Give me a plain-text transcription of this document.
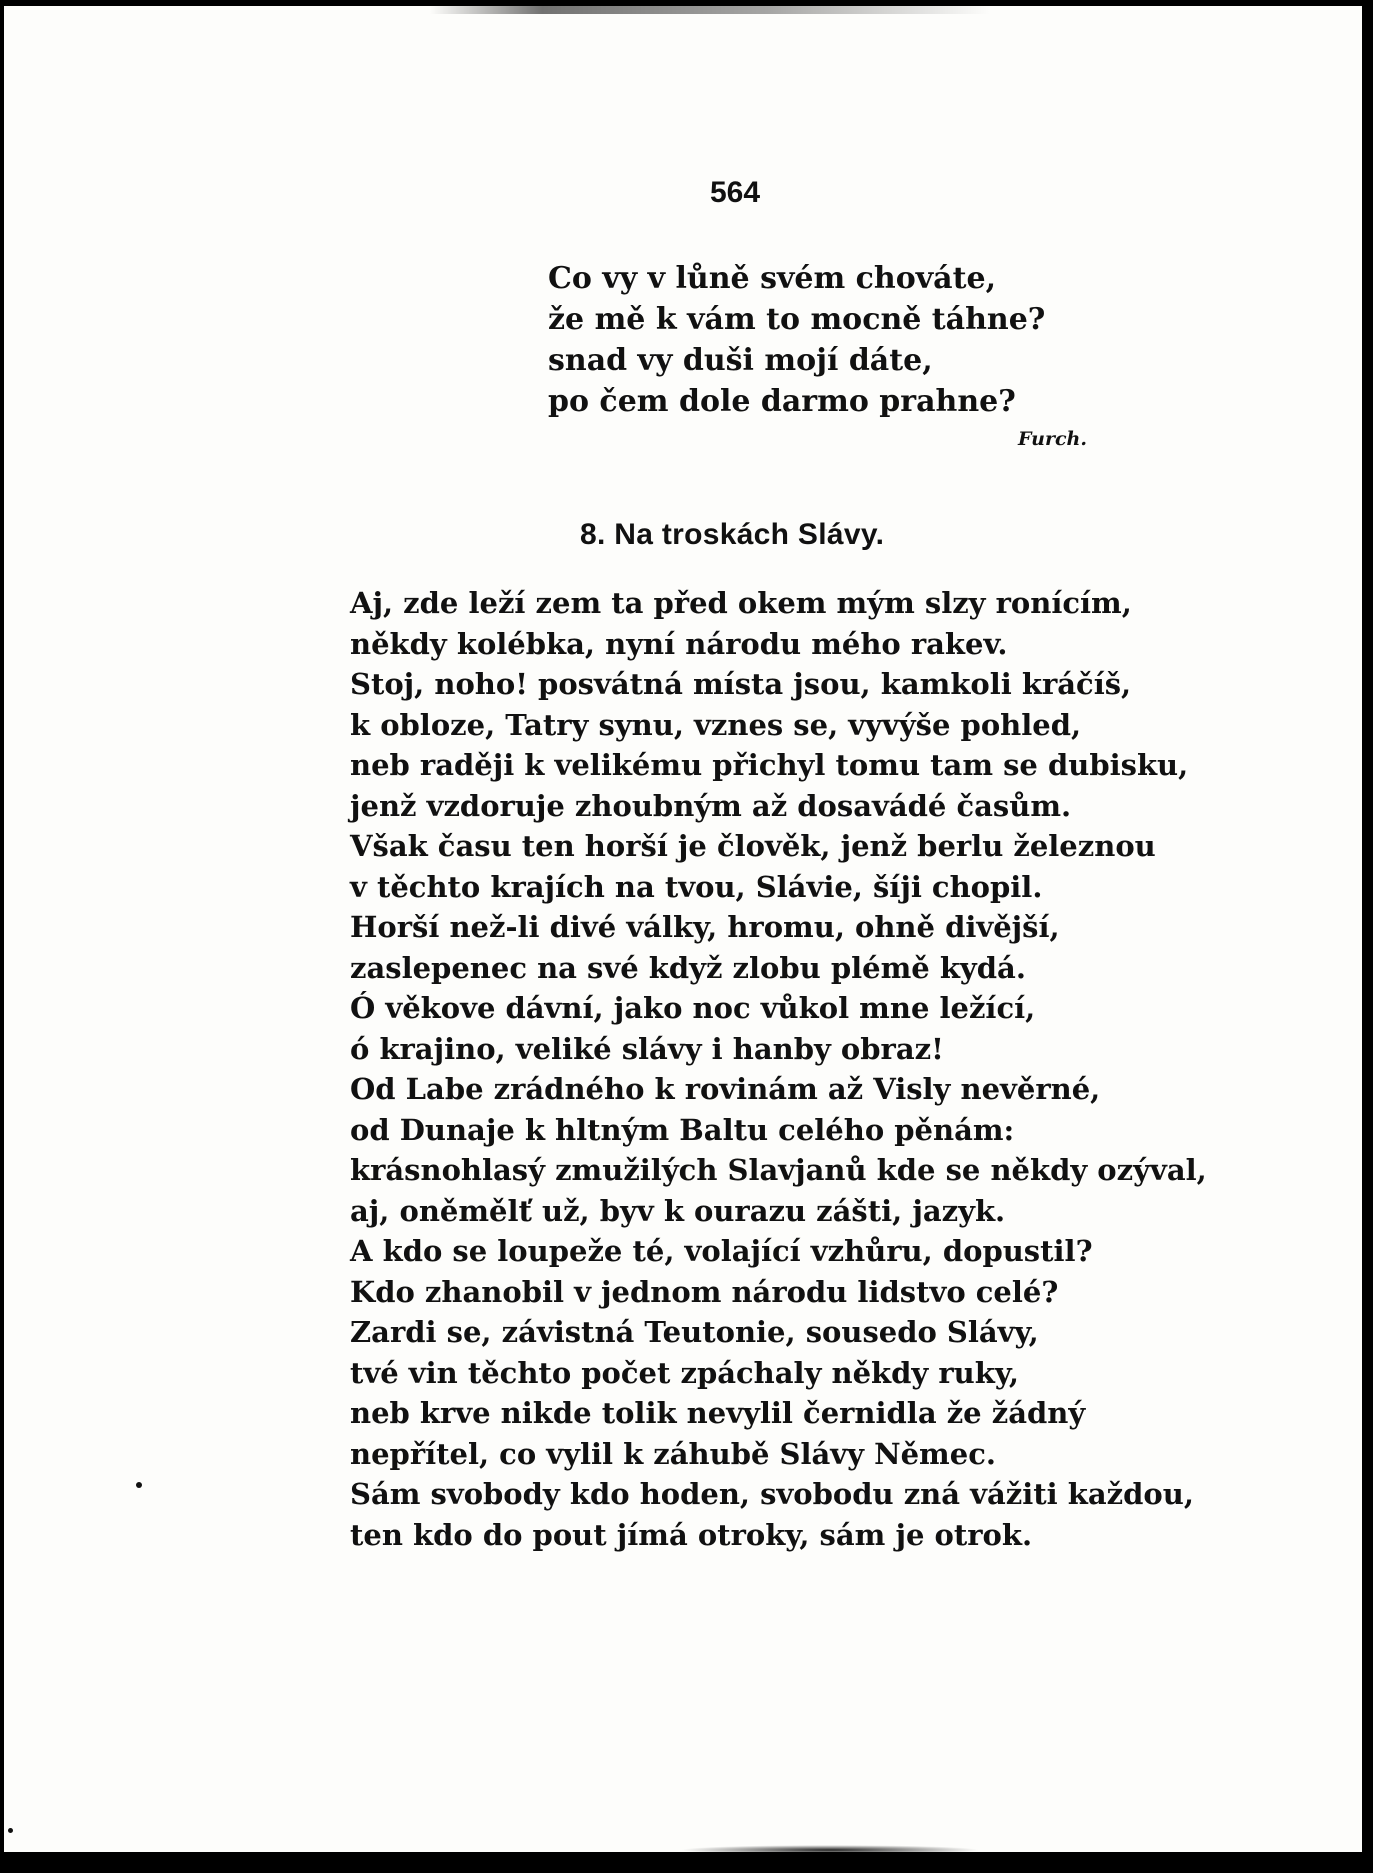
564
Co vy v lůně svém chováte,
že mě k vám to mocně táhne?
snad vy duši mojí dáte,
po čem dole darmo prahne?
Furch.
8. Na troskách Slávy.
Aj, zde leží zem ta před okem mým slzy ronícím,
někdy kolébka, nyní národu mého rakev.
Stoj, noho! posvátná místa jsou, kamkoli kráčíš,
k obloze, Tatry synu, vznes se, vyvýše pohled,
neb raději k velikému přichyl tomu tam se dubisku,
jenž vzdoruje zhoubným až dosavádé časům.
Však času ten horší je člověk, jenž berlu železnou
v těchto krajích na tvou, Slávie, šíji chopil.
Horší než-li divé války, hromu, ohně divější,
zaslepenec na své když zlobu plémě kydá.
Ó věkove dávní, jako noc vůkol mne ležící,
ó krajino, veliké slávy i hanby obraz!
Od Labe zrádného k rovinám až Visly nevěrné,
od Dunaje k hltným Baltu celého pěnám:
krásnohlasý zmužilých Slavjanů kde se někdy ozýval,
aj, oněmělť už, byv k ourazu zášti, jazyk.
A kdo se loupeže té, volající vzhůru, dopustil?
Kdo zhanobil v jednom národu lidstvo celé?
Zardi se, závistná Teutonie, sousedo Slávy,
tvé vin těchto počet zpáchaly někdy ruky,
neb krve nikde tolik nevylil černidla že žádný
nepřítel, co vylil k záhubě Slávy Němec.
Sám svobody kdo hoden, svobodu zná vážiti každou,
ten kdo do pout jímá otroky, sám je otrok.
